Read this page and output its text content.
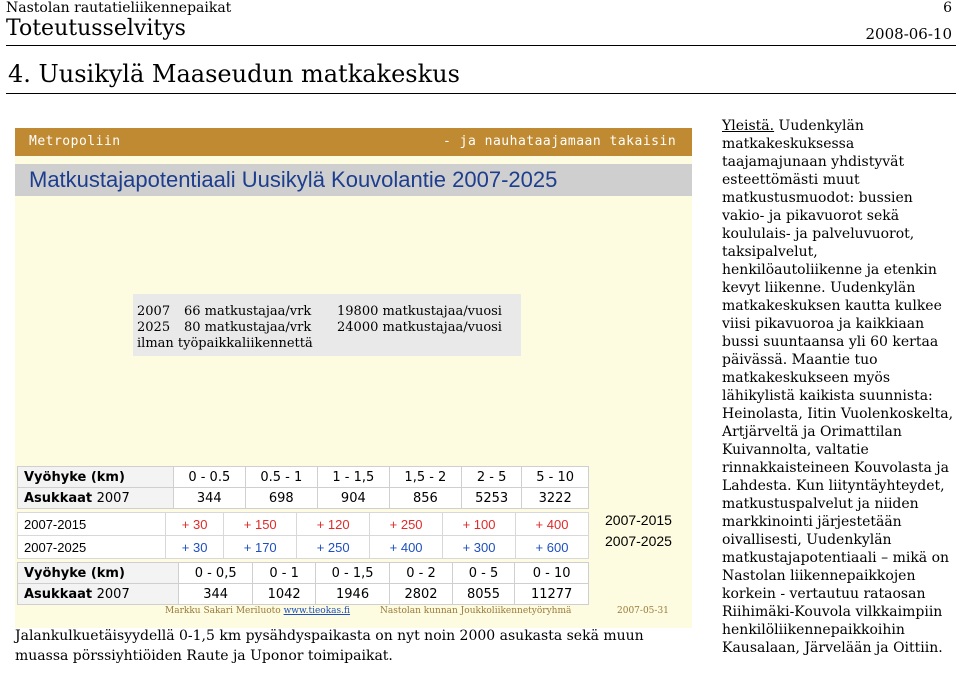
Nastolan rautatieliikennepaikat	6
Toteutusselvitys	2008-06-10
4. Uusikylä Maaseudun matkakeskus
Metropoliin	- ja nauhataajamaan takaisin
Matkustajapotentiaali Uusikylä Kouvolantie 2007-2025
2007 66 matkustajaa/vrk 19800 matkustajaa/vuosi
2025 80 matkustajaa/vrk 24000 matkustajaa/vuosi
ilman työpaikkaliikennettä
Vyöhyke (km)	0 - 0.5	0.5 - 1	1 - 1,5	1,5 - 2	2 - 5	5 - 10
Asukkaat 2007	344	698	904	856	5253	3222
2007-2015	+ 30	+ 150	+ 120	+ 250	+ 100	+ 400
2007-2025	+ 30	+ 170	+ 250	+ 400	+ 300	+ 600
2007-2015
2007-2025
Vyöhyke (km)	0 - 0,5	0 - 1	0 - 1,5	0 - 2	0 - 5	0 - 10
Asukkaat 2007	344	1042	1946	2802	8055	11277
Markku Sakari Meriluoto www.tieokas.fi	Nastolan kunnan Joukkoliikennetyöryhmä	2007-05-31
Jalankulkuetäisyydellä 0-1,5 km pysähdyspaikasta on nyt noin 2000 asukasta sekä muun muassa pörssiyhtiöiden Raute ja Uponor toimipaikat.
Yleistä. Uudenkylän matkakeskuksessa taajamajunaan yhdistyvät esteettömästi muut matkustusmuodot: bussien vakio- ja pikavuorot sekä koululais- ja palveluvuorot, taksipalvelut, henkilöautoliikenne ja etenkin kevyt liikenne. Uudenkylän matkakeskuksen kautta kulkee viisi pikavuoroa ja kaikkiaan bussi suuntaansa yli 60 kertaa päivässä. Maantie tuo matkakeskukseen myös lähikylistä kaikista suunnista: Heinolasta, Iitin Vuolenkoskelta, Artjärveltä ja Orimattilan Kuivannolta, valtatie rinnakkaisteineen Kouvolasta ja Lahdesta. Kun liityntäyhteydet, matkustuspalvelut ja niiden markkinointi järjestetään oivallisesti, Uudenkylän matkustajapotentiaali – mikä on Nastolan liikennepaikkojen korkein - vertautuu rataosan Riihimäki-Kouvola vilkkaimpiin henkilöliikennepaikkoihin Kausalaan, Järvelään ja Oittiin.
